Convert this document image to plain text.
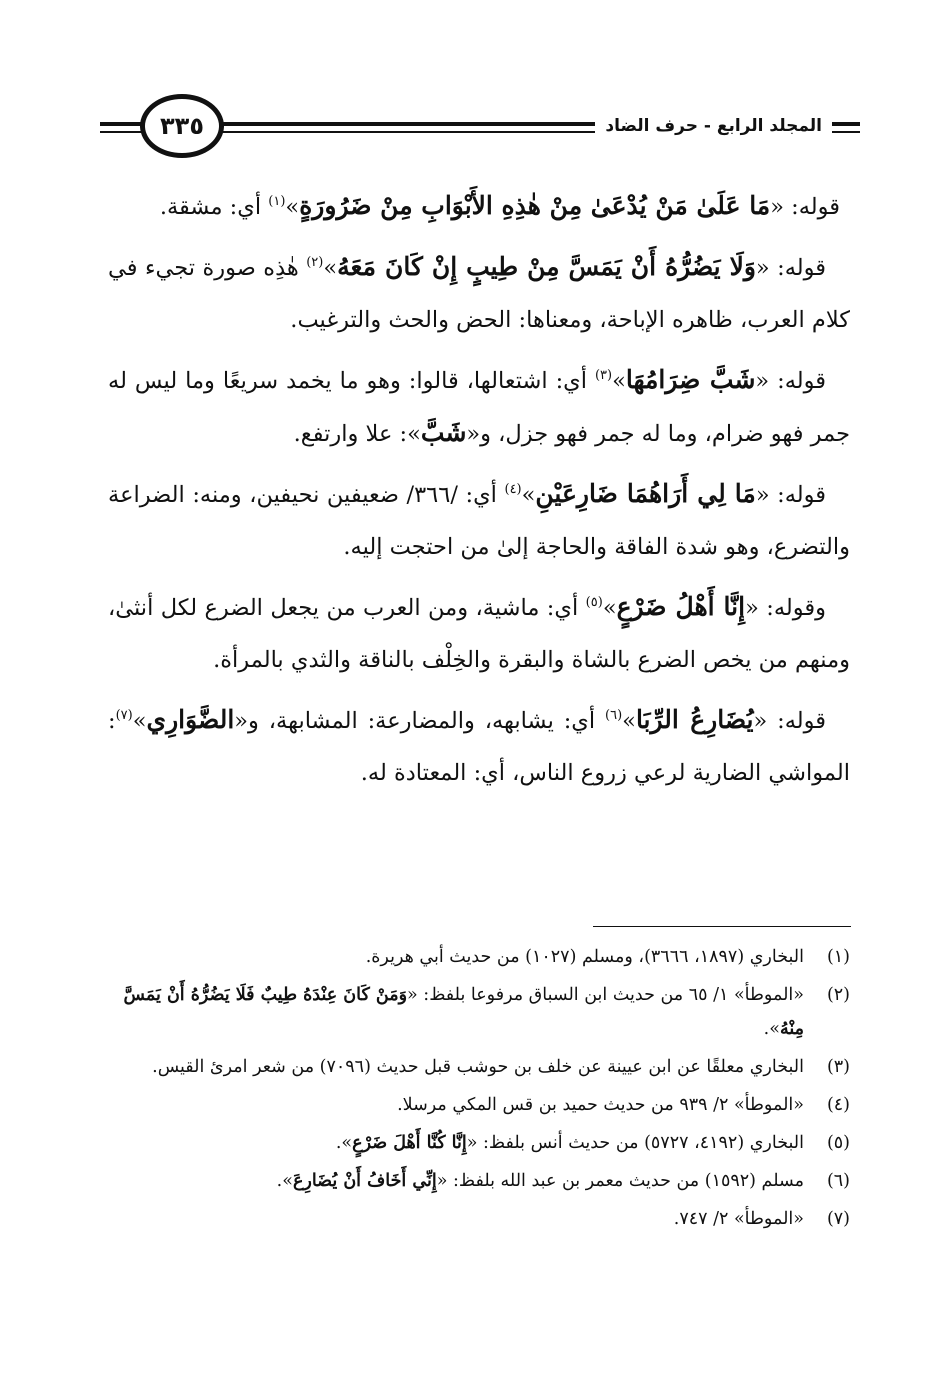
المجلد الرابع - حرف الضاد
٣٣٥

قوله: «مَا عَلَىٰ مَنْ يُدْعَىٰ مِنْ هٰذِهِ الأَبْوَابِ مِنْ ضَرُورَةٍ»$^{(١)}$ أي: مشقة.

قوله: «وَلَا يَضُرُّهُ أَنْ يَمَسَّ مِنْ طِيبٍ إِنْ كَانَ مَعَهُ»$^{(٢)}$ هٰذِه صورة تجيء في كلام العرب، ظاهره الإباحة، ومعناها: الحض والحث والترغيب.

قوله: «شَبَّ ضِرَامُهَا»$^{(٣)}$ أي: اشتعالها، قالوا: وهو ما يخمد سريعًا وما ليس له جمر فهو ضرام، وما له جمر فهو جزل، و«شَبَّ»: علا وارتفع.

قوله: «مَا لِي أَرَاهُمَا ضَارِعَيْنِ»$^{(٤)}$ أي: /٣٦٦/ ضعيفين نحيفين، ومنه: الضراعة والتضرع، وهو شدة الفاقة والحاجة إلىٰ من احتجت إليه.

وقوله: «إِنَّا أَهْلُ ضَرْعٍ»$^{(٥)}$ أي: ماشية، ومن العرب من يجعل الضرع لكل أنثىٰ، ومنهم من يخص الضرع بالشاة والبقرة والخِلْف بالناقة والثدي بالمرأة.

قوله: «يُضَارِعُ الرِّبَا»$^{(٦)}$ أي: يشابهه، والمضارعة: المشابهة، و«الضَّوَارِي»$^{(٧)}$: المواشي الضارية لرعي زروع الناس، أي: المعتادة له.

(١)
البخاري (١٨٩٧، ٣٦٦٦)، ومسلم (١٠٢٧) من حديث أبي هريرة.
(٢)
«الموطأ» ١/ ٦٥ من حديث ابن السباق مرفوعا بلفظ: «وَمَنْ كَانَ عِنْدَهُ طِيبٌ فَلَا يَضُرُّهُ أَنْ يَمَسَّ مِنْهُ».
(٣)
البخاري معلقًا عن ابن عيينة عن خلف بن حوشب قبل حديث (٧٠٩٦) من شعر امرئ القيس.
(٤)
«الموطأ» ٢/ ٩٣٩ من حديث حميد بن قس المكي مرسلا.
(٥)
البخاري (٤١٩٢، ٥٧٢٧) من حديث أنس بلفظ: «إِنَّا كُنَّا أَهْلَ ضَرْعٍ».
(٦)
مسلم (١٥٩٢) من حديث معمر بن عبد الله بلفظ: «إِنِّي أَخَافُ أَنْ يُضَارِعَ».
(٧)
«الموطأ» ٢/ ٧٤٧.
